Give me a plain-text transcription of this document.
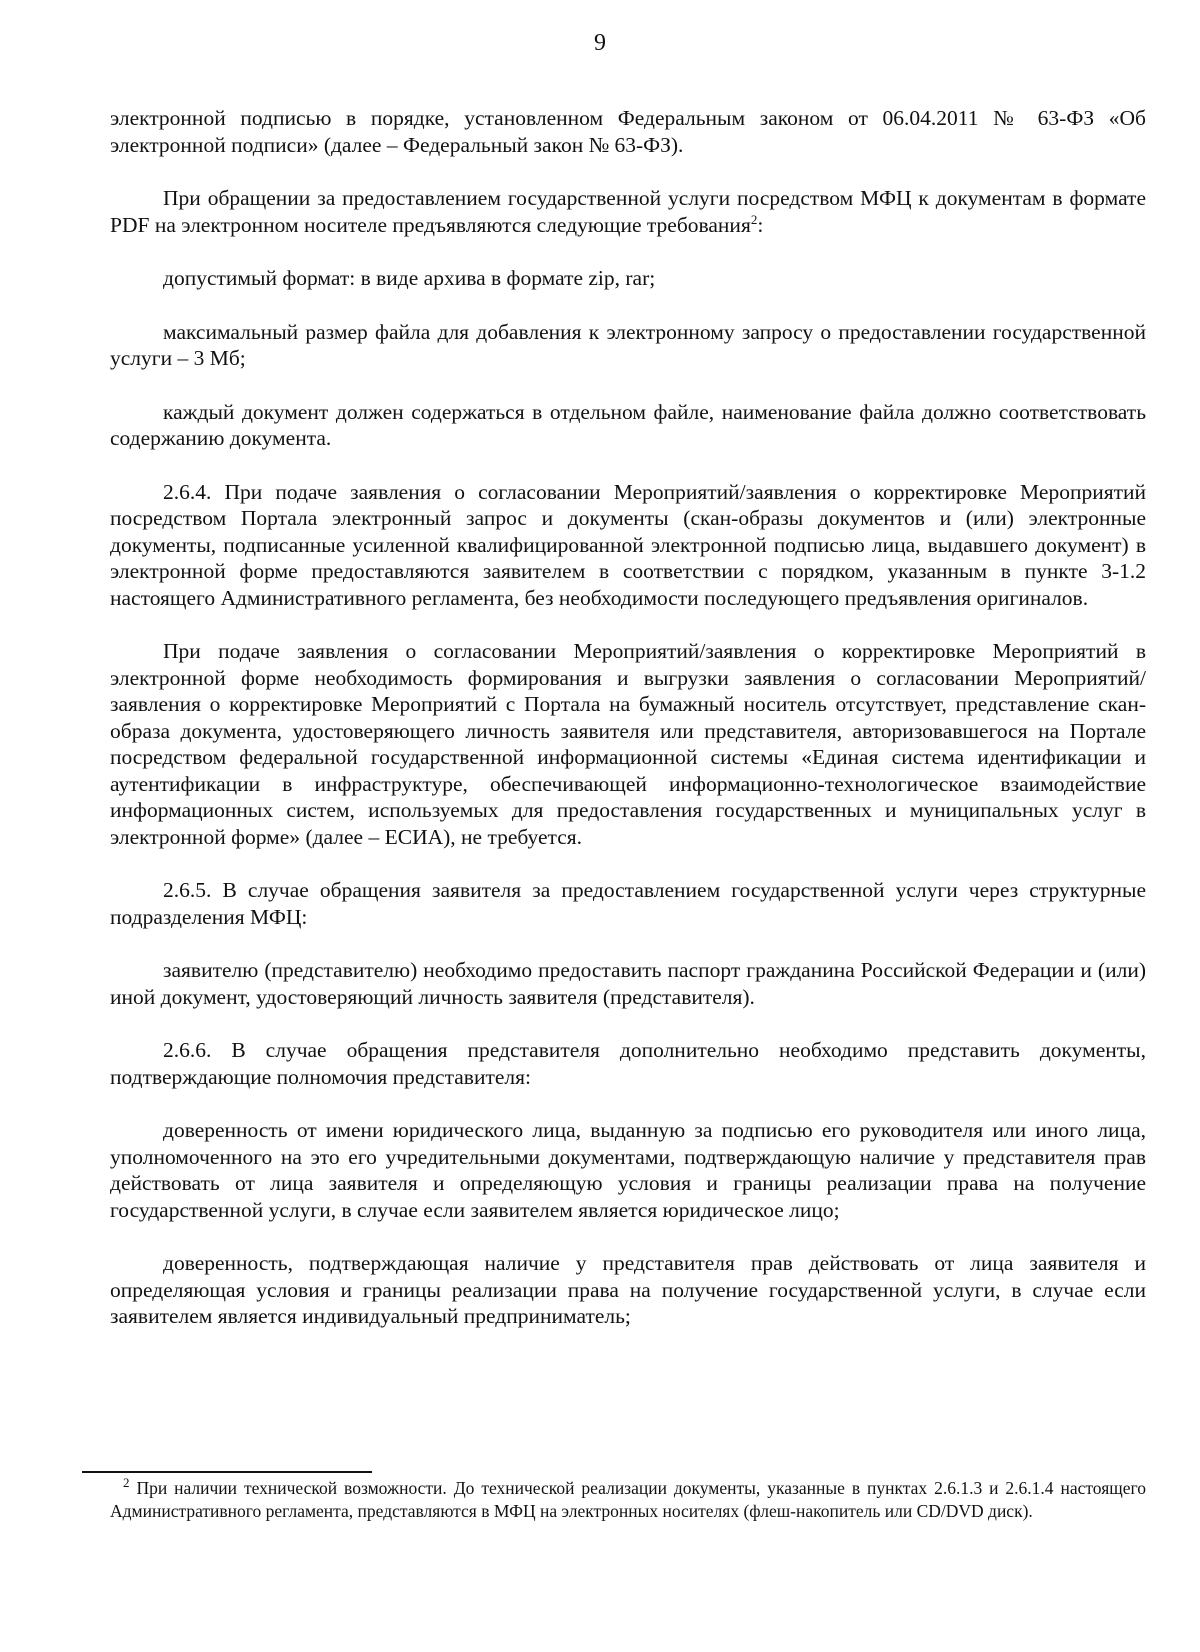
9

электронной подписью в порядке, установленном Федеральным законом от 06.04.2011 № 63-ФЗ «Об электронной подписи» (далее – Федеральный закон № 63-ФЗ).

При обращении за предоставлением государственной услуги посредством МФЦ к документам в формате PDF на электронном носителе предъявляются следующие требования$^2$:

допустимый формат: в виде архива в формате zip, rar;

максимальный размер файла для добавления к электронному запросу о предоставлении государственной услуги – 3 Мб;

каждый документ должен содержаться в отдельном файле, наименование файла должно соответствовать содержанию документа.

2.6.4. При подаче заявления о согласовании Мероприятий/заявления о корректировке Мероприятий посредством Портала электронный запрос и документы (скан-образы документов и (или) электронные документы, подписанные усиленной квалифицированной электронной подписью лица, выдавшего документ) в электронной форме предоставляются заявителем в соответствии с порядком, указанным в пункте 3-1.2 настоящего Административного регламента, без необходимости последующего предъявления оригиналов.

При подаче заявления о согласовании Мероприятий/заявления о корректировке Мероприятий в электронной форме необходимость формирования и выгрузки заявления о согласовании Мероприятий/заявления о корректировке Мероприятий с Портала на бумажный носитель отсутствует, представление скан-образа документа, удостоверяющего личность заявителя или представителя, авторизовавшегося на Портале посредством федеральной государственной информационной системы «Единая система идентификации и аутентификации в инфраструктуре, обеспечивающей информационно-технологическое взаимодействие информационных систем, используемых для предоставления государственных и муниципальных услуг в электронной форме» (далее – ЕСИА), не требуется.

2.6.5. В случае обращения заявителя за предоставлением государственной услуги через структурные подразделения МФЦ:

заявителю (представителю) необходимо предоставить паспорт гражданина Российской Федерации и (или) иной документ, удостоверяющий личность заявителя (представителя).

2.6.6. В случае обращения представителя дополнительно необходимо представить документы, подтверждающие полномочия представителя:

доверенность от имени юридического лица, выданную за подписью его руководителя или иного лица, уполномоченного на это его учредительными документами, подтверждающую наличие у представителя прав действовать от лица заявителя и определяющую условия и границы реализации права на получение государственной услуги, в случае если заявителем является юридическое лицо;

доверенность, подтверждающая наличие у представителя прав действовать от лица заявителя и определяющая условия и границы реализации права на получение государственной услуги, в случае если заявителем является индивидуальный предприниматель;

$^2$ При наличии технической возможности. До технической реализации документы, указанные в пунктах 2.6.1.3 и 2.6.1.4 настоящего Административного регламента, представляются в МФЦ на электронных носителях (флеш-накопитель или CD/DVD диск).
